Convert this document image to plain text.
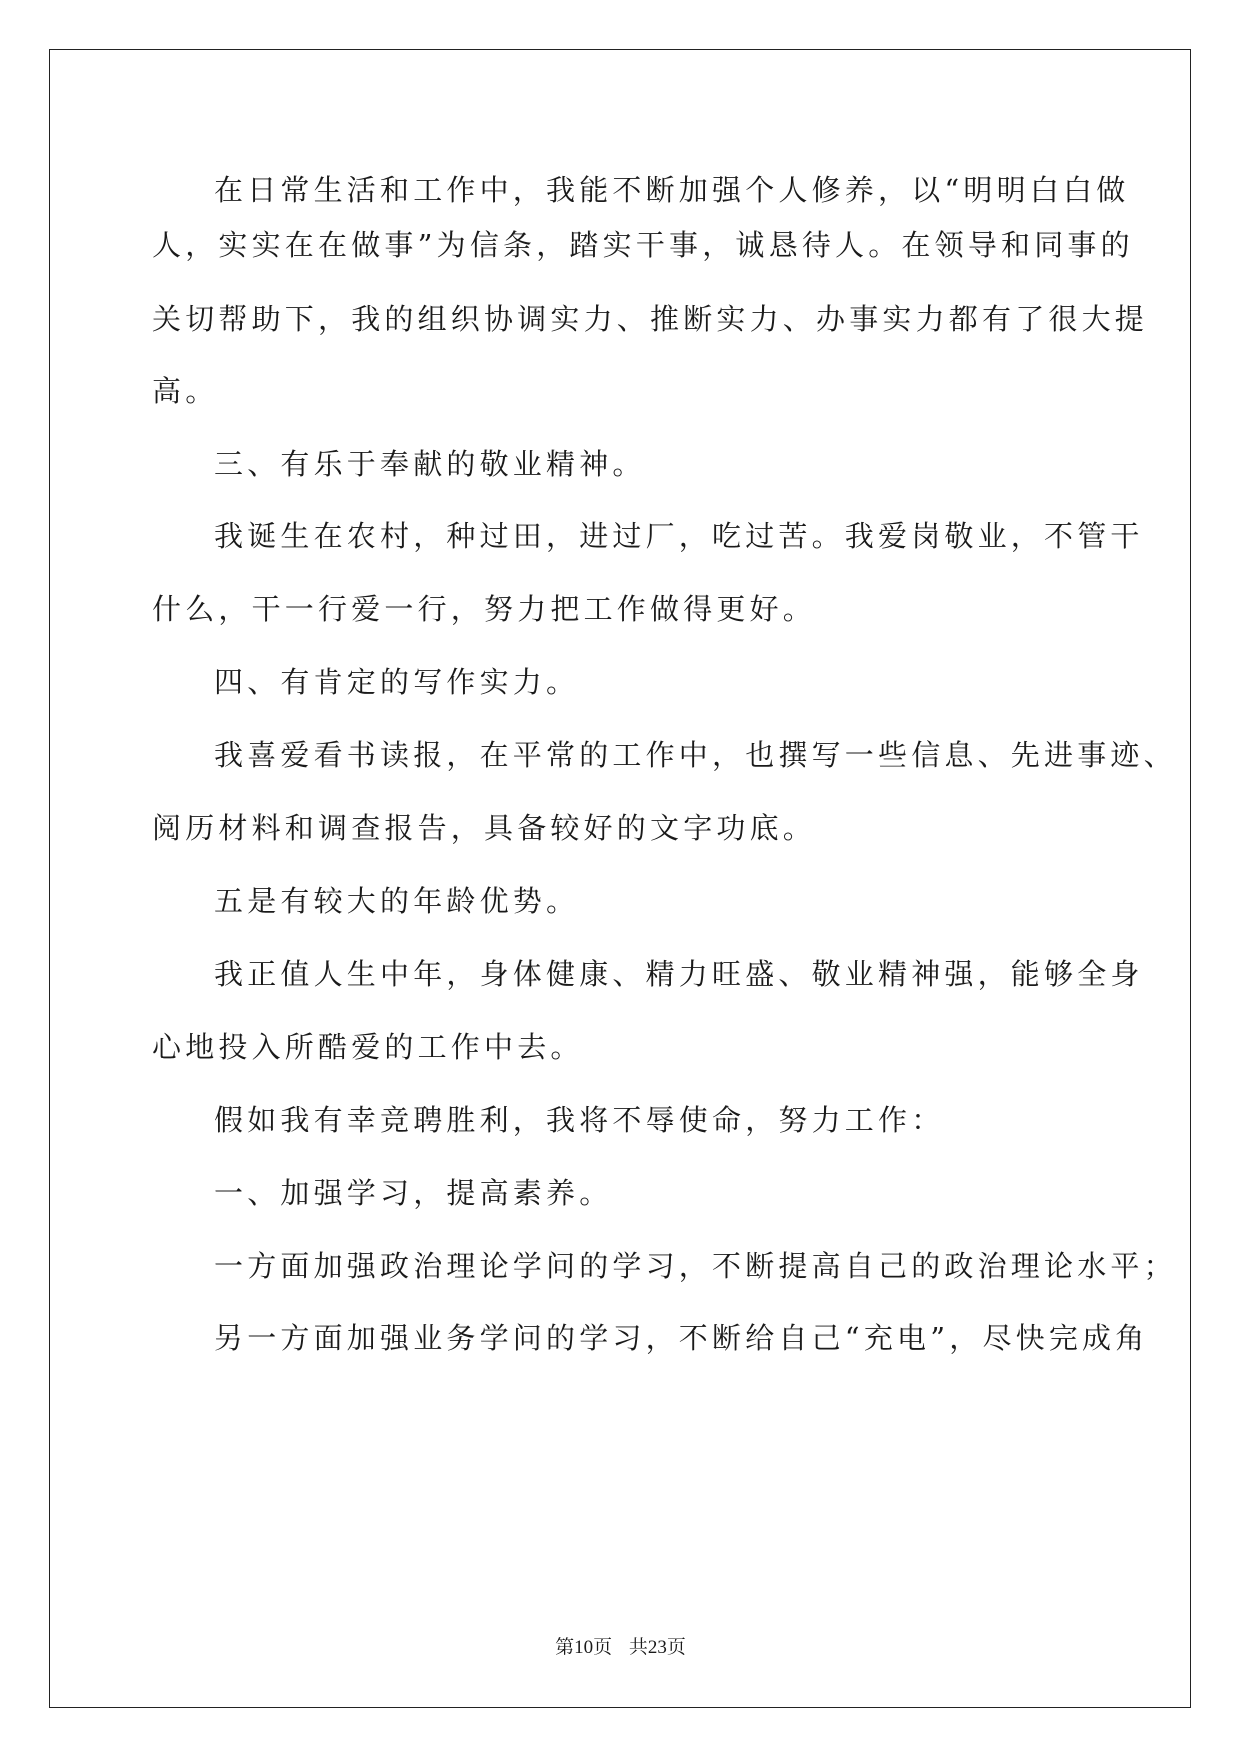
在日常生活和工作中，我能不断加强个人修养，以“明明白白做
人，实实在在做事”为信条，踏实干事，诚恳待人。在领导和同事的
关切帮助下，我的组织协调实力、推断实力、办事实力都有了很大提
高。
三、有乐于奉献的敬业精神。
我诞生在农村，种过田，进过厂，吃过苦。我爱岗敬业，不管干
什么，干一行爱一行，努力把工作做得更好。
四、有肯定的写作实力。
我喜爱看书读报，在平常的工作中，也撰写一些信息、先进事迹、
阅历材料和调查报告，具备较好的文字功底。
五是有较大的年龄优势。
我正值人生中年，身体健康、精力旺盛、敬业精神强，能够全身
心地投入所酷爱的工作中去。
假如我有幸竞聘胜利，我将不辱使命，努力工作：
一、加强学习，提高素养。
一方面加强政治理论学问的学习，不断提高自己的政治理论水平；
另一方面加强业务学问的学习，不断给自己“充电”，尽快完成角
第10页 共23页
